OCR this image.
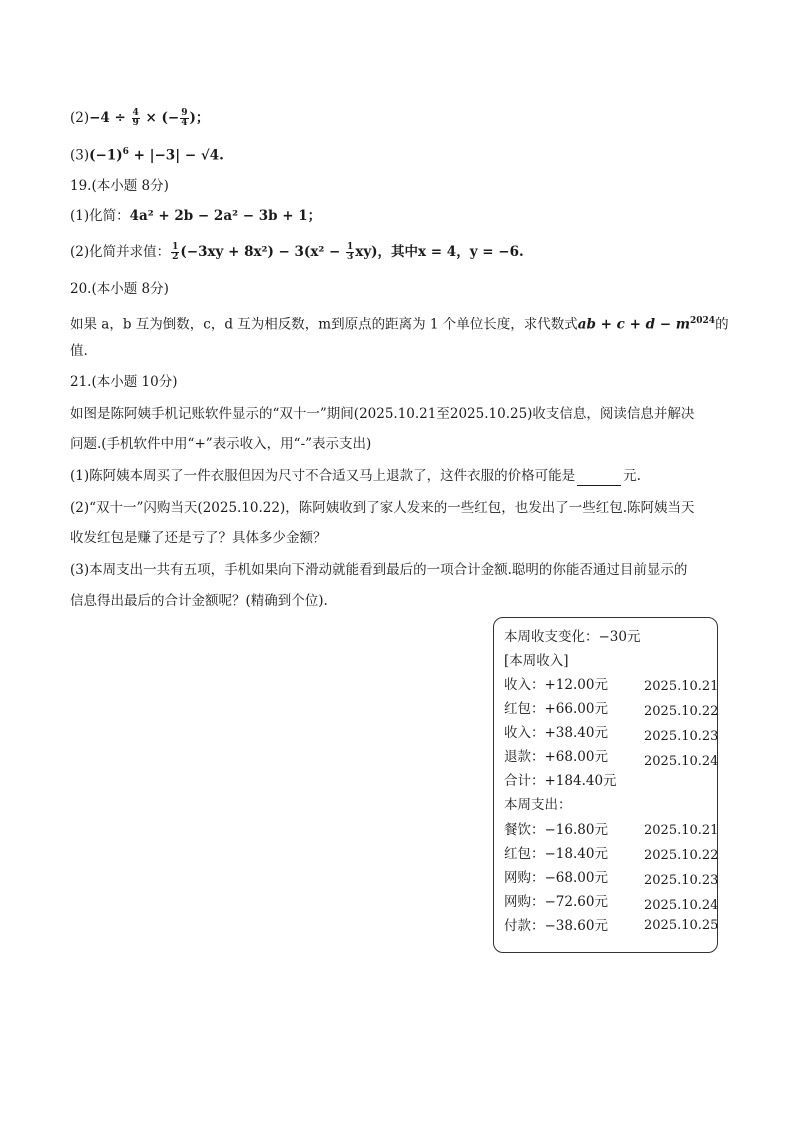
$(2)-4 \div \frac{4}{9}$ × (− $\frac{9}{4}$ )；
$(3)(-1)^6 + |-3| - √4$.
19.(本小题 8分)
(1)化简：4a² + 2b − 2a² − 3b + 1；
(2)化简并求值： $\frac{1}{2} (-3xy + 8x^2) - 3(x^2 - \frac{1}{3} xy)$，其中x = 4，y = −6.
20.(本小题 8分)
如果 a，b 互为倒数，c，d 互为相反数，m到原点的距离为 1 个单位长度，求代数式ab + $c + d - m^{2024}$的
值.
21.(本小题 10分)
如图是陈阿姨手机记账软件显示的“双十一”期间(2025.10.21至2025.10.25)收支信息，阅读信息并解决
问题.(手机软件中用“+”表示收入，用“-”表示支出)
(1)陈阿姨本周买了一件衣服但因为尺寸不合适又马上退款了，这件衣服的价格可能是	元.
(2)“双十一”闪购当天(2025.10.22)，陈阿姨收到了家人发来的一些红包，也发出了一些红包.陈阿姨当天
收发红包是赚了还是亏了？具体多少金额？
(3)本周支出一共有五项，手机如果向下滑动就能看到最后的一项合计金额.聪明的你能否通过目前显示的
信息得出最后的合计金额呢？(精确到个位).
本周收支变化：−30元
[本周收入]
收入：+12.00元	2025.10.21
红包：+66.00元	2025.10.22
收入：+38.40元	2025.10.23
退款：+68.00元	2025.10.24
合计：+184.40元
本周支出：
餐饮：−16.80元	2025.10.21
红包：−18.40元	2025.10.22
网购：−68.00元	2025.10.23
网购：−72.60元	2025.10.24
付款：−38.60元	2025.10.25
